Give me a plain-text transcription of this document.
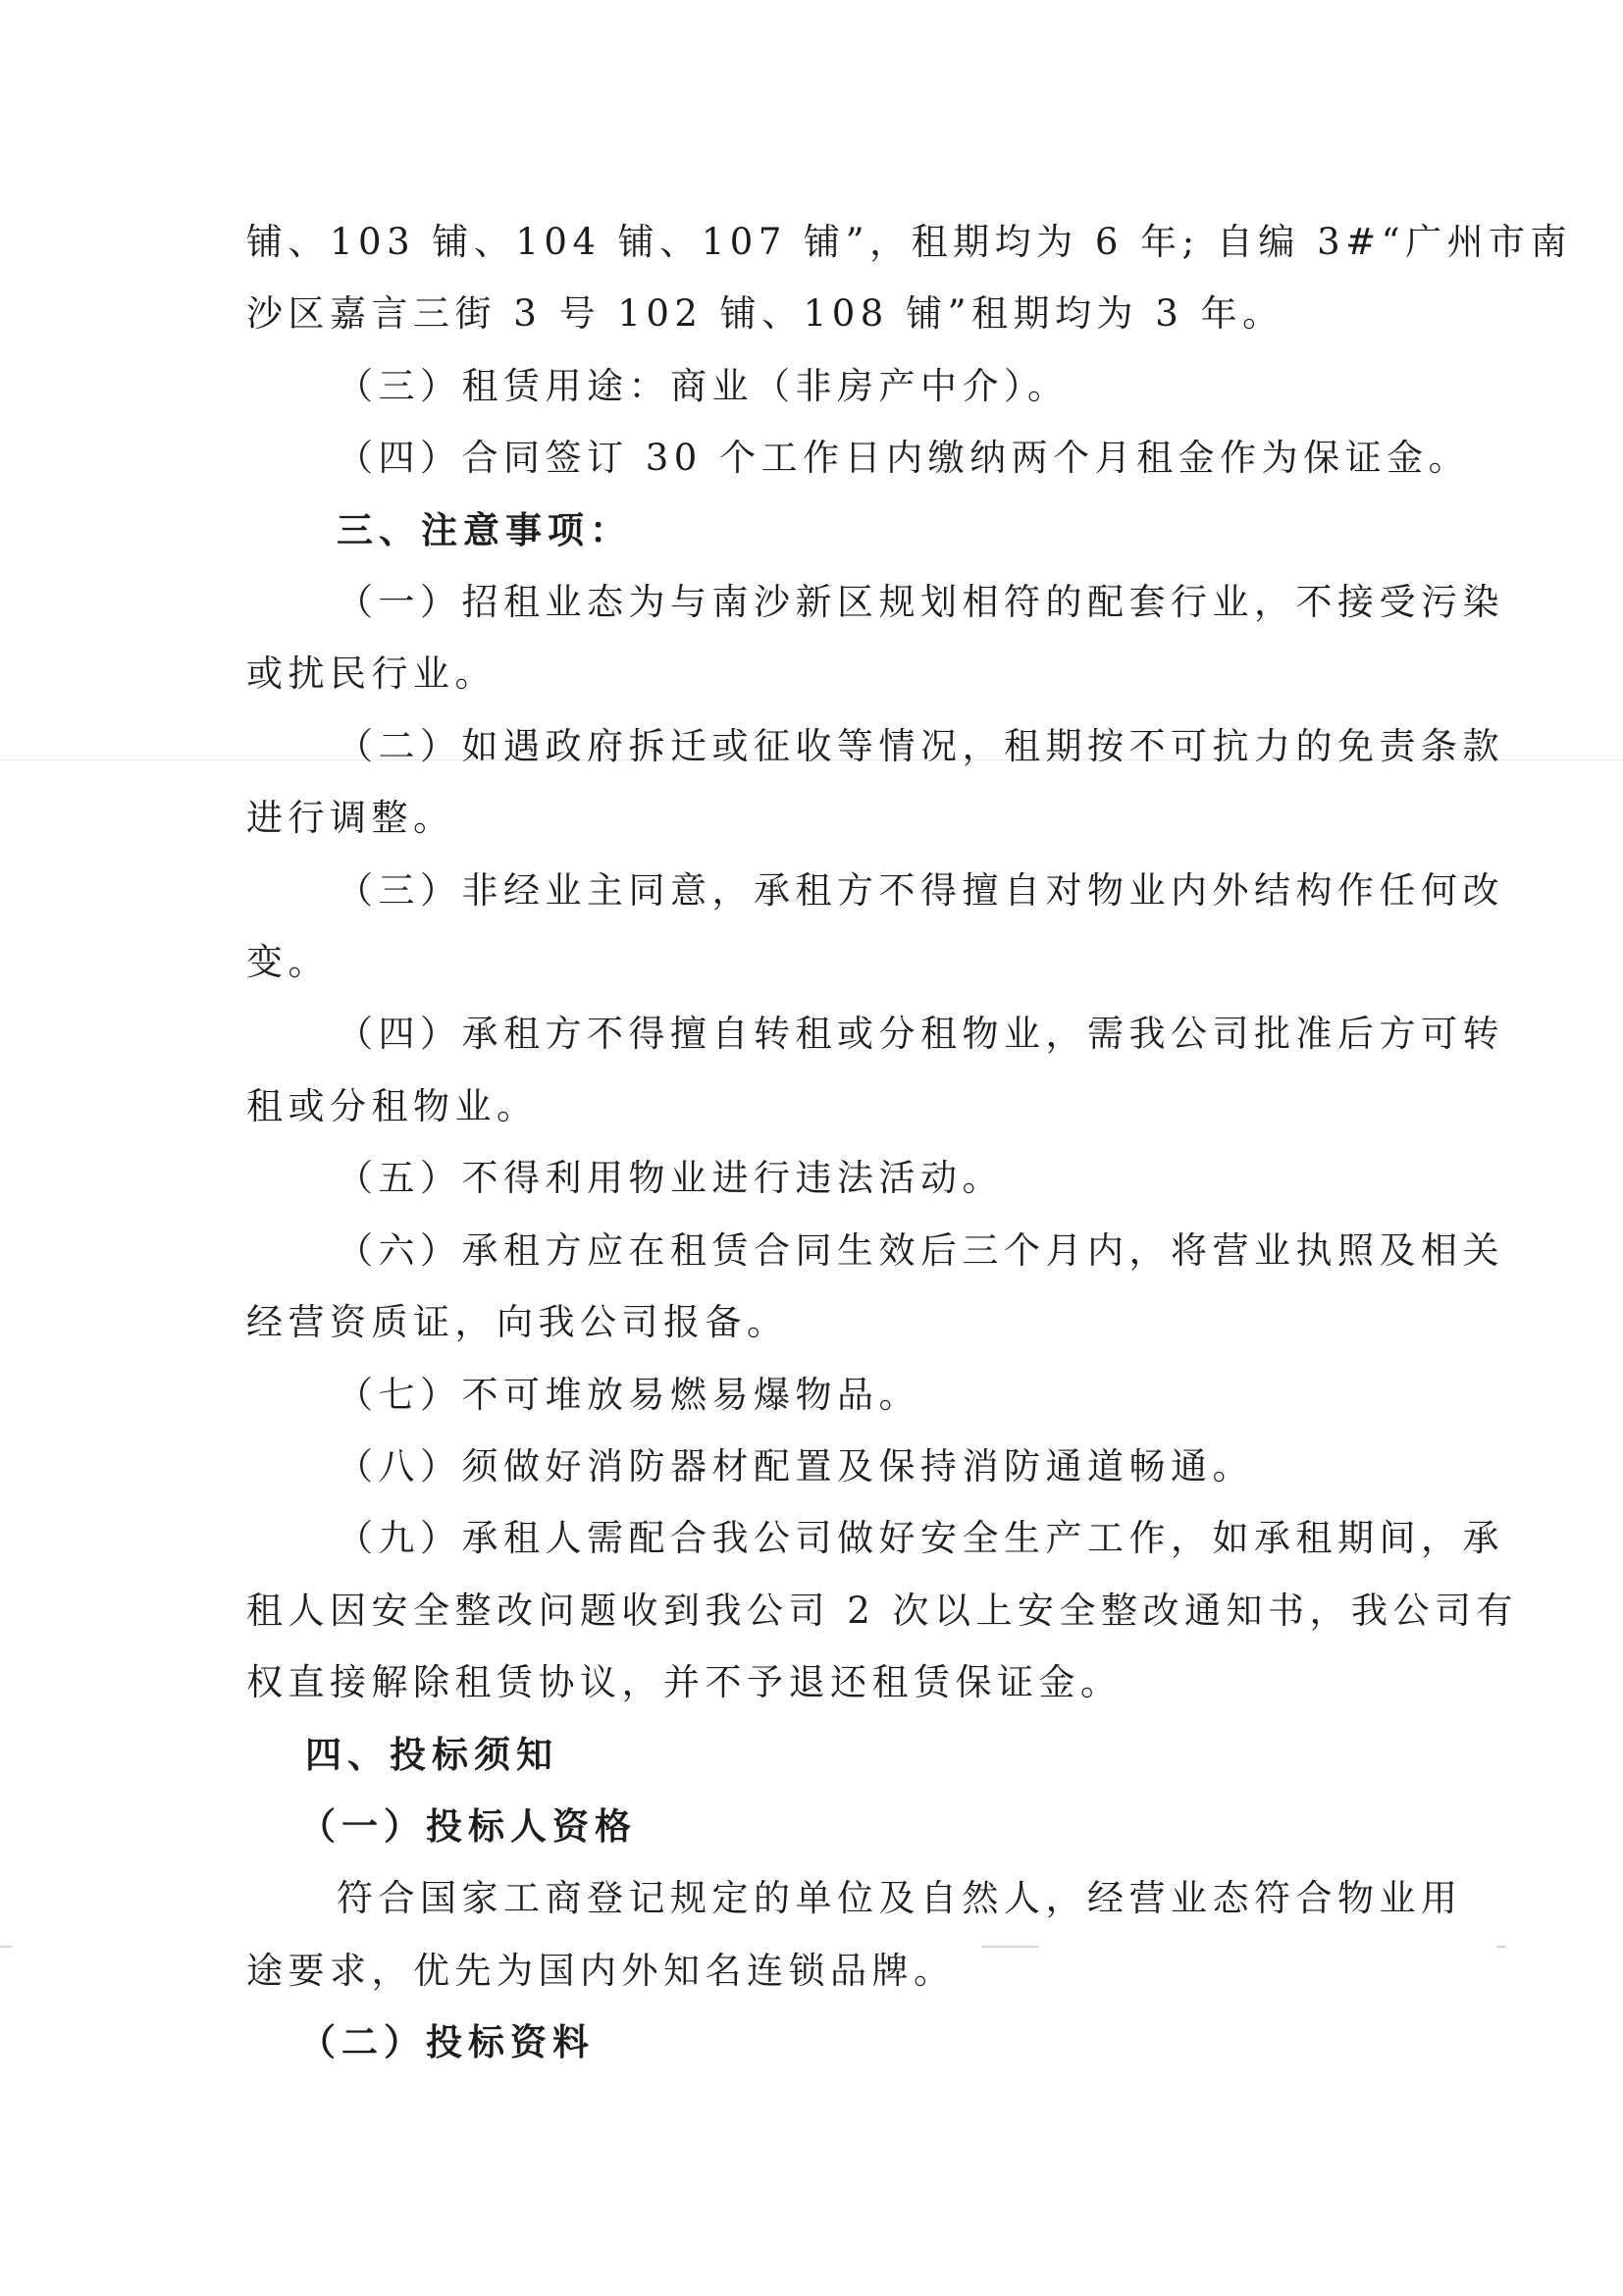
铺、103 铺、104 铺、107 铺”，租期均为 6 年; 自编 3#“广州市南

沙区嘉言三街 3 号 102 铺、108 铺”租期均为 3 年。

（三）租赁用途：商业（非房产中介）。

（四）合同签订 30 个工作日内缴纳两个月租金作为保证金。

三、注意事项：

（一）招租业态为与南沙新区规划相符的配套行业，不接受污染

或扰民行业。

（二）如遇政府拆迁或征收等情况，租期按不可抗力的免责条款

进行调整。

（三）非经业主同意，承租方不得擅自对物业内外结构作任何改

变。

（四）承租方不得擅自转租或分租物业，需我公司批准后方可转

租或分租物业。

（五）不得利用物业进行违法活动。

（六）承租方应在租赁合同生效后三个月内，将营业执照及相关

经营资质证，向我公司报备。

（七）不可堆放易燃易爆物品。

（八）须做好消防器材配置及保持消防通道畅通。

（九）承租人需配合我公司做好安全生产工作，如承租期间，承

租人因安全整改问题收到我公司 2 次以上安全整改通知书，我公司有

权直接解除租赁协议，并不予退还租赁保证金。

四、投标须知

（一）投标人资格

符合国家工商登记规定的单位及自然人，经营业态符合物业用

途要求，优先为国内外知名连锁品牌。

（二）投标资料
